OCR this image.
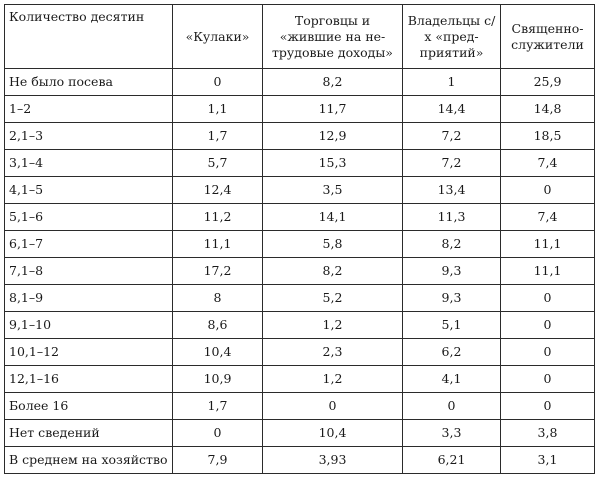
Количество десятин	«Кулаки»	Торговцы и «жившие на не-трудовые доходы»	Владельцы с/х «пред-приятий»	Священно-служители
Не было посева	0	8,2	1	25,9
1–2	1,1	11,7	14,4	14,8
2,1–3	1,7	12,9	7,2	18,5
3,1–4	5,7	15,3	7,2	7,4
4,1–5	12,4	3,5	13,4	0
5,1–6	11,2	14,1	11,3	7,4
6,1–7	11,1	5,8	8,2	11,1
7,1–8	17,2	8,2	9,3	11,1
8,1–9	8	5,2	9,3	0
9,1–10	8,6	1,2	5,1	0
10,1–12	10,4	2,3	6,2	0
12,1–16	10,9	1,2	4,1	0
Более 16	1,7	0	0	0
Нет сведений	0	10,4	3,3	3,8
В среднем на хозяйство	7,9	3,93	6,21	3,1
